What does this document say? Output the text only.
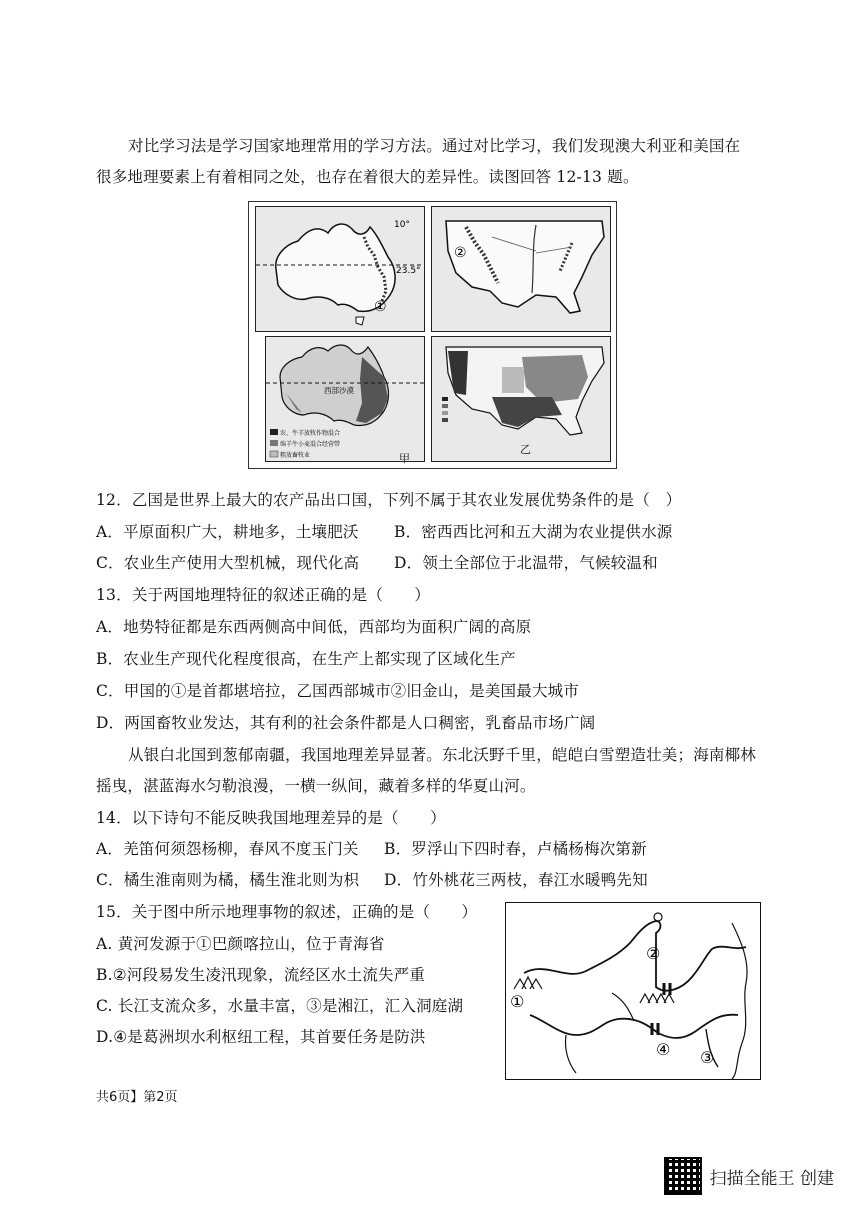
对比学习法是学习国家地理常用的学习方法。通过对比学习，我们发现澳大利亚和美国在
很多地理要素上有着相同之处，也存在着很大的差异性。读图回答 12-13 题。
10°
23.5°
①
②
西部沙漠
农、牛羊放牧作物混合
绵羊牛小麦混合经营带
粗放畜牧业	甲
乙
12．乙国是世界上最大的农产品出口国，下列不属于其农业发展优势条件的是（　）
A．平原面积广大，耕地多，土壤肥沃 B．密西西比河和五大湖为农业提供水源
C．农业生产使用大型机械，现代化高 D．领土全部位于北温带，气候较温和
13．关于两国地理特征的叙述正确的是（　　）
A．地势特征都是东西两侧高中间低，西部均为面积广阔的高原
B．农业生产现代化程度很高，在生产上都实现了区域化生产
C．甲国的①是首都堪培拉，乙国西部城市②旧金山，是美国最大城市
D．两国畜牧业发达，其有利的社会条件都是人口稠密，乳畜品市场广阔
从银白北国到葱郁南疆，我国地理差异显著。东北沃野千里，皑皑白雪塑造壮美；海南椰林
摇曳，湛蓝海水匀勒浪漫，一横一纵间，藏着多样的华夏山河。
14．以下诗句不能反映我国地理差异的是（　　）
A．羌笛何须怨杨柳，春风不度玉门关 B．罗浮山下四时春，卢橘杨梅次第新
C．橘生淮南则为橘，橘生淮北则为枳 D．竹外桃花三两枝，春江水暖鸭先知
15．关于图中所示地理事物的叙述，正确的是（　　）
A. 黄河发源于①巴颜喀拉山，位于青海省
B.②河段易发生凌汛现象，流经区水土流失严重
C. 长江支流众多，水量丰富，③是湘江，汇入洞庭湖
D.④是葛洲坝水利枢纽工程，其首要任务是防洪
②
①
④ ③
共6页】第2页
扫描全能王 创建
